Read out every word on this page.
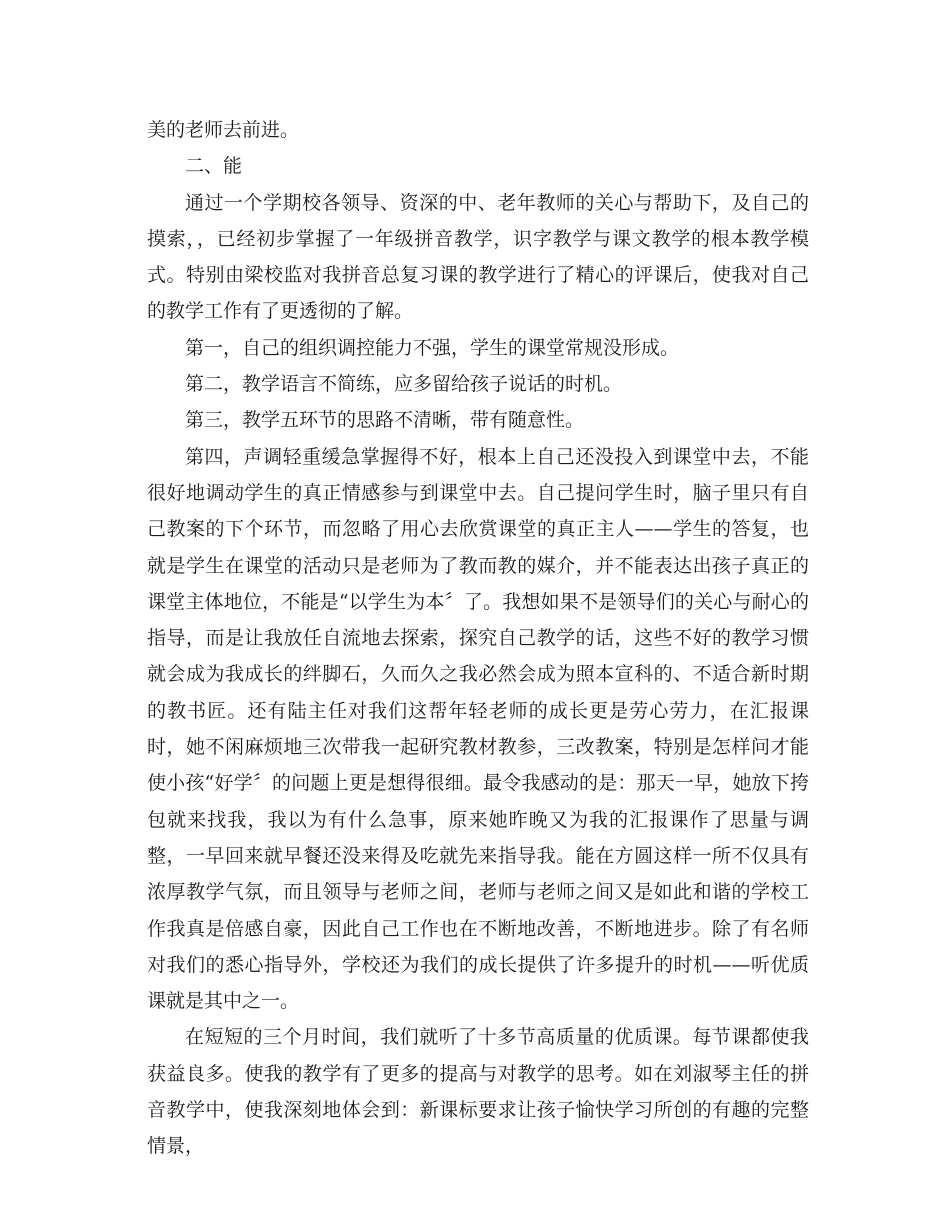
美的老师去前进。

二、能

通过一个学期校各领导、资深的中、老年教师的关心与帮助下，及自己的摸索，，已经初步掌握了一年级拼音教学，识字教学与课文教学的根本教学模式。特别由梁校监对我拼音总复习课的教学进行了精心的评课后，使我对自己的教学工作有了更透彻的了解。

第一，自己的组织调控能力不强，学生的课堂常规没形成。

第二，教学语言不简练，应多留给孩子说话的时机。

第三，教学五环节的思路不清晰，带有随意性。

第四，声调轻重缓急掌握得不好，根本上自己还没投入到课堂中去，不能很好地调动学生的真正情感参与到课堂中去。自己提问学生时，脑子里只有自己教案的下个环节，而忽略了用心去欣赏课堂的真正主人——学生的答复，也就是学生在课堂的活动只是老师为了教而教的媒介，并不能表达出孩子真正的课堂主体地位，不能是“以学生为本〞了。我想如果不是领导们的关心与耐心的指导，而是让我放任自流地去探索，探究自己教学的话，这些不好的教学习惯就会成为我成长的绊脚石，久而久之我必然会成为照本宣科的、不适合新时期的教书匠。还有陆主任对我们这帮年轻老师的成长更是劳心劳力，在汇报课时，她不闲麻烦地三次带我一起研究教材教参，三改教案，特别是怎样问才能使小孩“好学〞的问题上更是想得很细。最令我感动的是：那天一早，她放下挎包就来找我，我以为有什么急事，原来她昨晚又为我的汇报课作了思量与调整，一早回来就早餐还没来得及吃就先来指导我。能在方圆这样一所不仅具有浓厚教学气氛，而且领导与老师之间，老师与老师之间又是如此和谐的学校工作我真是倍感自豪，因此自己工作也在不断地改善，不断地进步。除了有名师对我们的悉心指导外，学校还为我们的成长提供了许多提升的时机——听优质课就是其中之一。

在短短的三个月时间，我们就听了十多节高质量的优质课。每节课都使我获益良多。使我的教学有了更多的提高与对教学的思考。如在刘淑琴主任的拼音教学中，使我深刻地体会到：新课标要求让孩子愉快学习所创的有趣的完整情景，
